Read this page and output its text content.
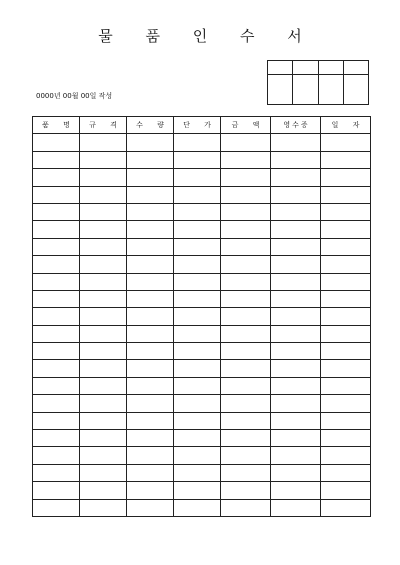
물 품 인 수 서

0000년 00월 00일 작성
품 명	규 격	수 량	단 가	금 액	영수증	일 자
